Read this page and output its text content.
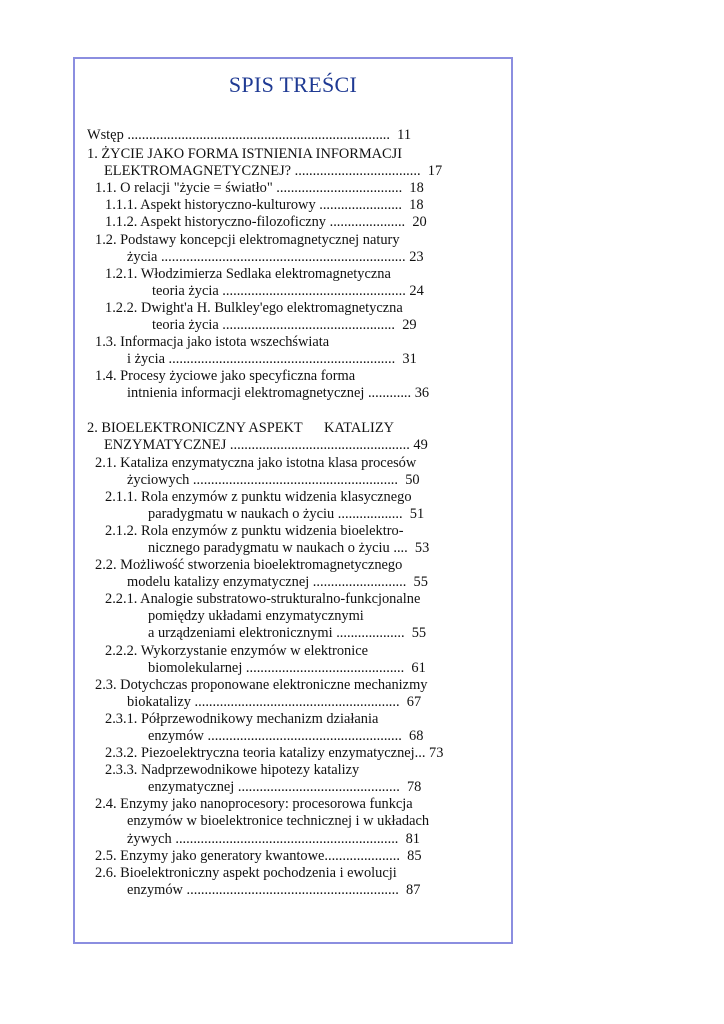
SPIS TREŚCI
Wstęp .........................................................................  11
1. ŻYCIE JAKO FORMA ISTNIENIA INFORMACJI
ELEKTROMAGNETYCZNEJ? ...................................  17
1.1. O relacji "życie = światło" ...................................  18
1.1.1. Aspekt historyczno-kulturowy .......................  18
1.1.2. Aspekt historyczno-filozoficzny .....................  20
1.2. Podstawy koncepcji elektromagnetycznej natury
życia .................................................................... 23
1.2.1. Włodzimierza Sedlaka elektromagnetyczna
teoria życia ................................................... 24
1.2.2. Dwight'a H. Bulkley'ego elektromagnetyczna
teoria życia ................................................  29
1.3. Informacja jako istota wszechświata
i życia ...............................................................  31
1.4. Procesy życiowe jako specyficzna forma
intnienia informacji elektromagnetycznej ............ 36
2. BIOELEKTRONICZNY ASPEKT      KATALIZY
ENZYMATYCZNEJ .................................................. 49
2.1. Kataliza enzymatyczna jako istotna klasa procesów
życiowych .........................................................  50
2.1.1. Rola enzymów z punktu widzenia klasycznego
paradygmatu w naukach o życiu ..................  51
2.1.2. Rola enzymów z punktu widzenia bioelektro-
nicznego paradygmatu w naukach o życiu ....  53
2.2. Możliwość stworzenia bioelektromagnetycznego
modelu katalizy enzymatycznej ..........................  55
2.2.1. Analogie substratowo-strukturalno-funkcjonalne
pomiędzy układami enzymatycznymi
a urządzeniami elektronicznymi ...................  55
2.2.2. Wykorzystanie enzymów w elektronice
biomolekularnej ............................................  61
2.3. Dotychczas proponowane elektroniczne mechanizmy
biokatalizy .........................................................  67
2.3.1. Półprzewodnikowy mechanizm działania
enzymów ......................................................  68
2.3.2. Piezoelektryczna teoria katalizy enzymatycznej... 73
2.3.3. Nadprzewodnikowe hipotezy katalizy
enzymatycznej .............................................  78
2.4. Enzymy jako nanoprocesory: procesorowa funkcja
enzymów w bioelektronice technicznej i w układach
żywych ..............................................................  81
2.5. Enzymy jako generatory kwantowe.....................  85
2.6. Bioelektroniczny aspekt pochodzenia i ewolucji
enzymów ...........................................................  87
